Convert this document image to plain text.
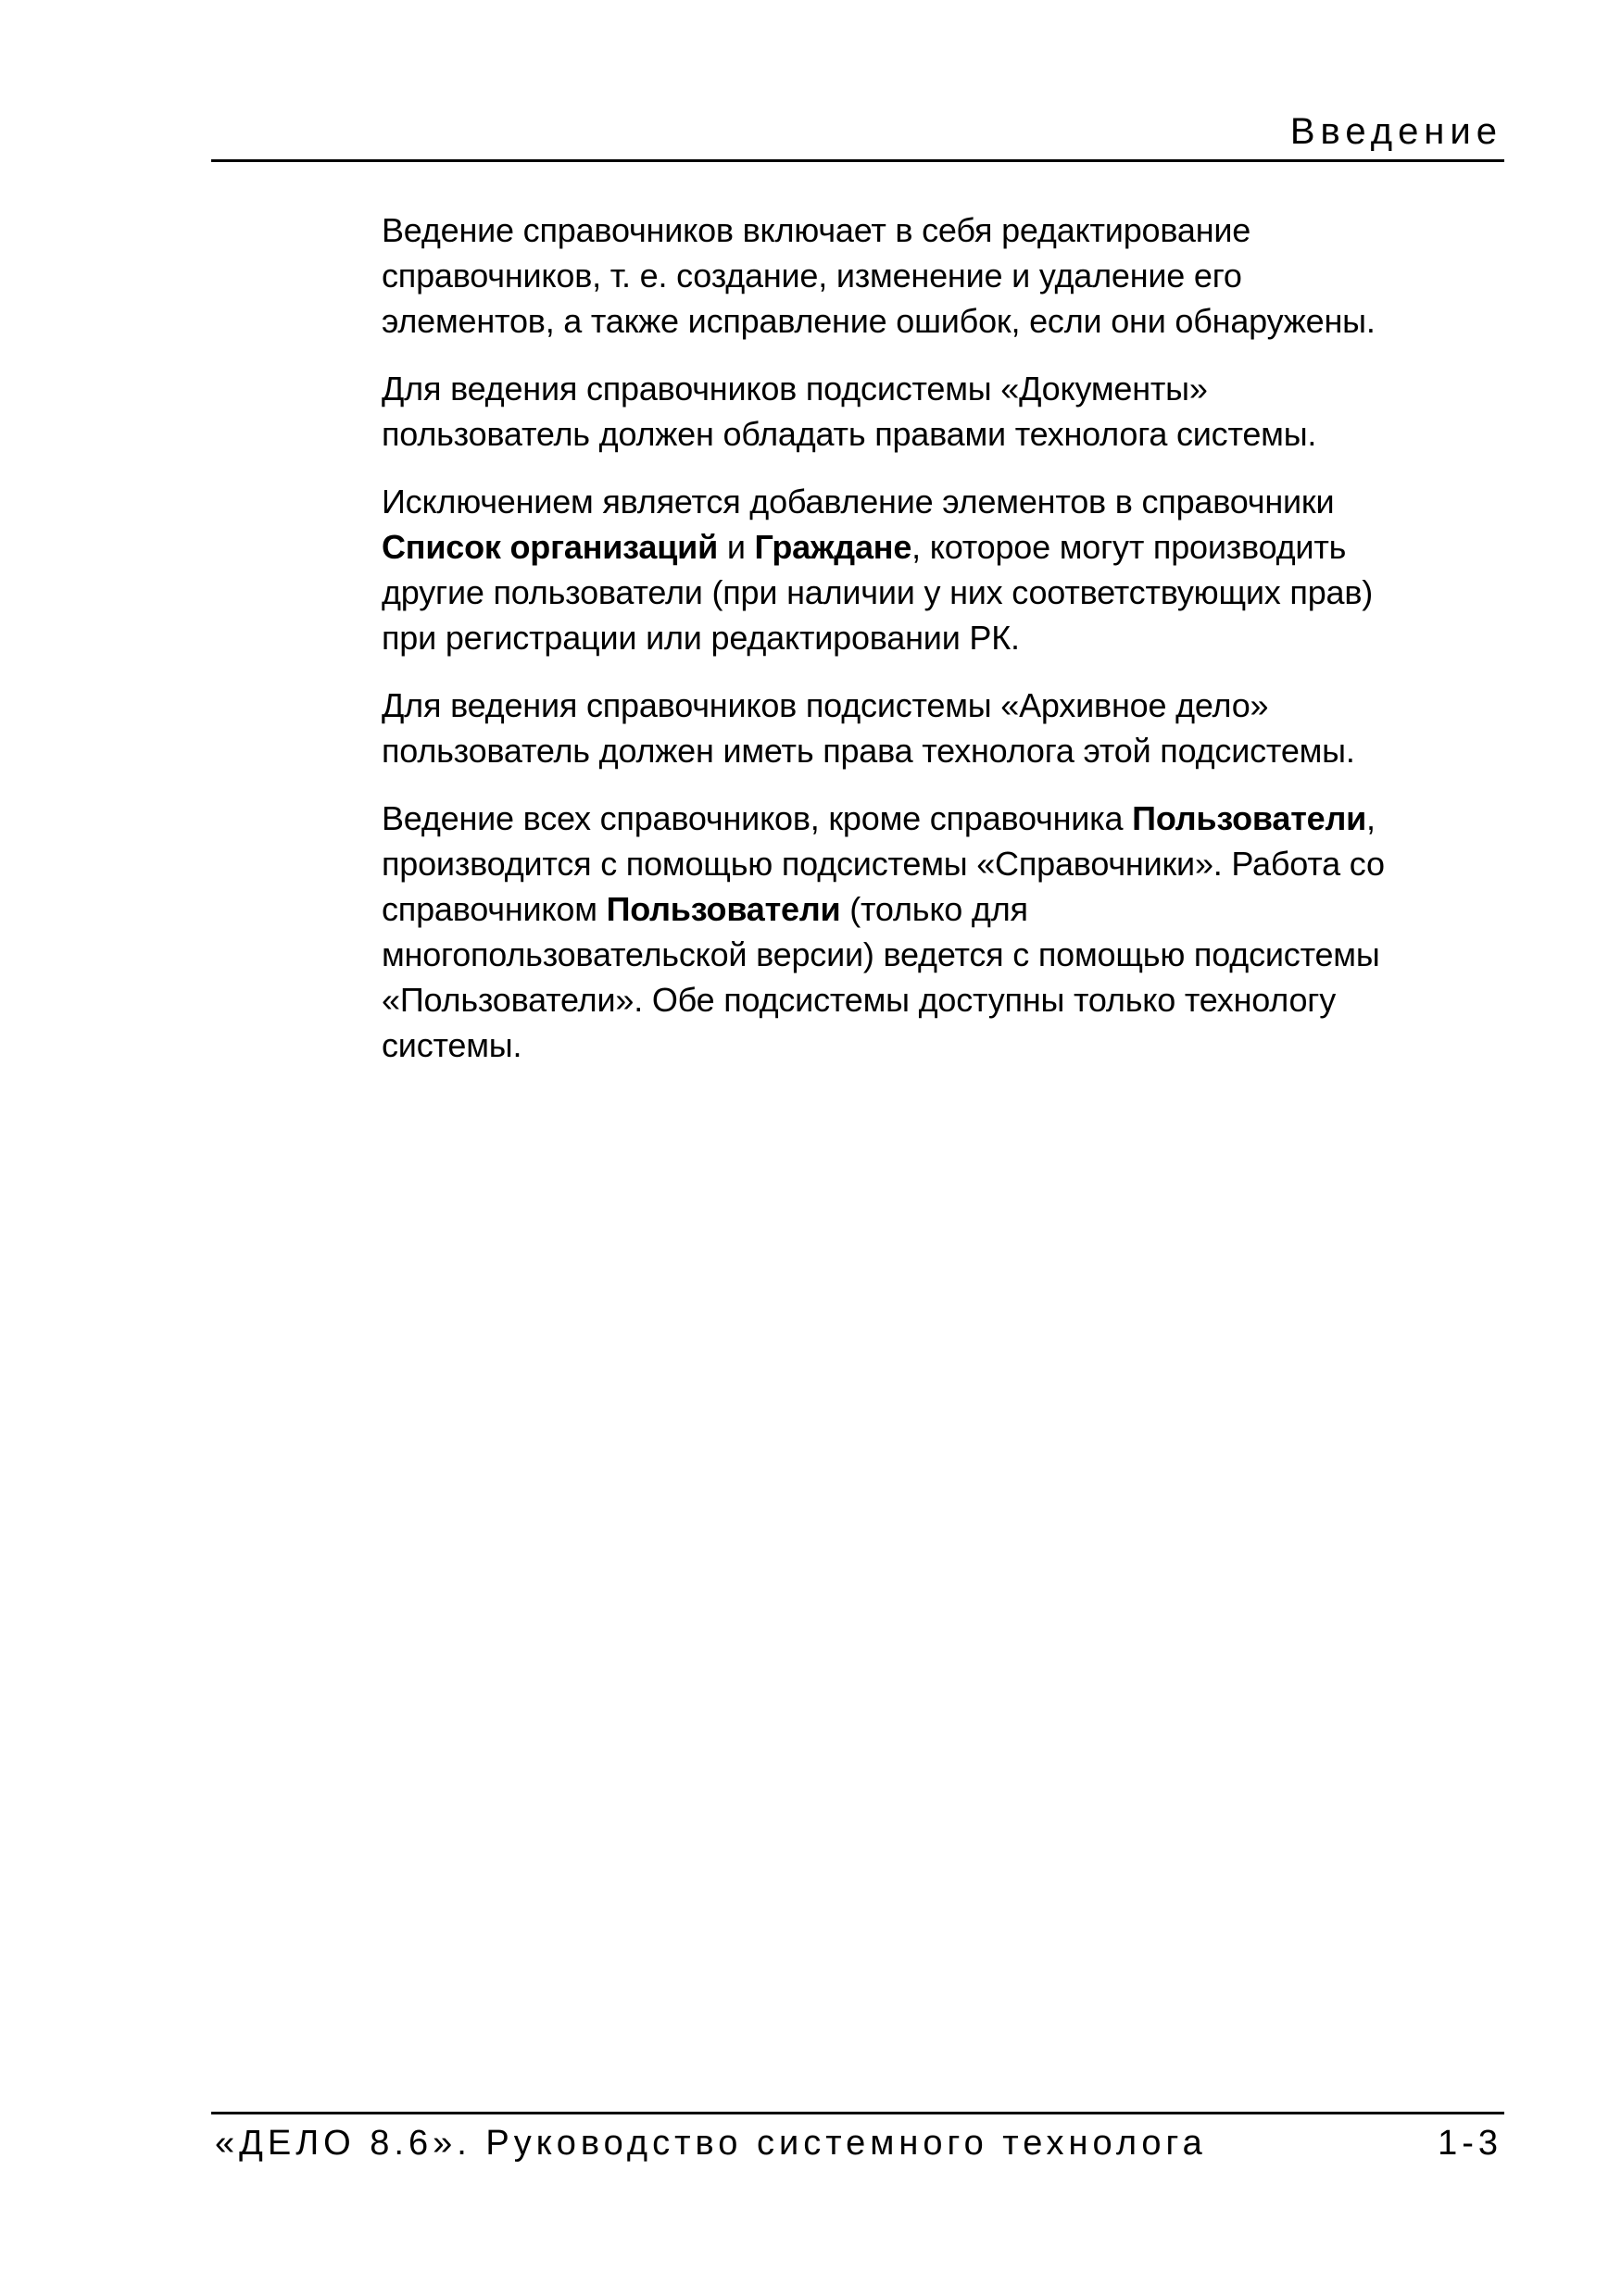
Введение

Ведение справочников включает в себя редактирование
справочников, т. е. создание, изменение и удаление его
элементов, а также исправление ошибок, если они обнаружены.

Для ведения справочников подсистемы «Документы»
пользователь должен обладать правами технолога системы.

Исключением является добавление элементов в справочники
Список организаций и Граждане, которое могут производить
другие пользователи (при наличии у них соответствующих прав)
при регистрации или редактировании РК.

Для ведения справочников подсистемы «Архивное дело»
пользователь должен иметь права технолога этой подсистемы.

Ведение всех справочников, кроме справочника Пользователи,
производится с помощью подсистемы «Справочники». Работа со
справочником Пользователи (только для
многопользовательской версии) ведется с помощью подсистемы
«Пользователи». Обе подсистемы доступны только технологу
системы.

«ДЕЛО 8.6». Руководство системного технолога	1-3
